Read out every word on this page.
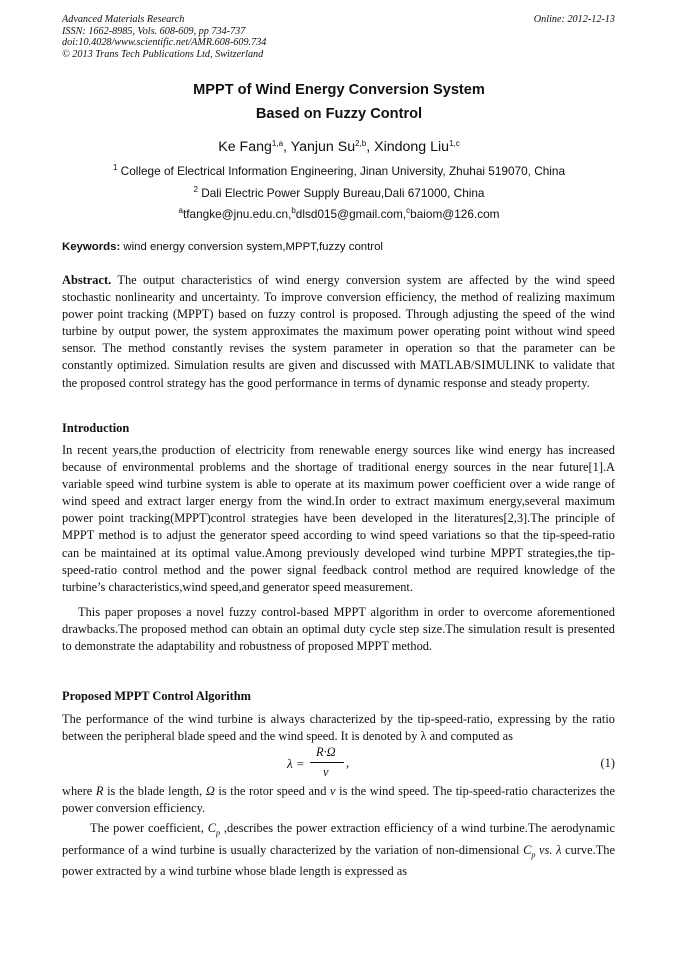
Advanced Materials Research
ISSN: 1662-8985, Vols. 608-609, pp 734-737
doi:10.4028/www.scientific.net/AMR.608-609.734
© 2013 Trans Tech Publications Ltd, Switzerland
Online: 2012-12-13
MPPT of Wind Energy Conversion System
Based on Fuzzy Control
Ke Fang$^{1,a}$, Yanjun Su$^{2,b}$, Xindong Liu$^{1,c}$
$^1$ College of Electrical Information Engineering, Jinan University, Zhuhai 519070, China
$^2$ Dali Electric Power Supply Bureau,Dali 671000, China
$^a$tfangke@jnu.edu.cn,$^b$dlsd015@gmail.com,$^c$baiom@126.com
Keywords: wind energy conversion system,MPPT,fuzzy control
Abstract. The output characteristics of wind energy conversion system are affected by the wind speed stochastic nonlinearity and uncertainty. To improve conversion efficiency, the method of realizing maximum power point tracking (MPPT) based on fuzzy control is proposed. Through adjusting the speed of the wind turbine by output power, the system approximates the maximum power operating point without wind speed sensor. The method constantly revises the system parameter in operation so that the parameter can be constantly optimized. Simulation results are given and discussed with MATLAB/SIMULINK to validate that the proposed control strategy has the good performance in terms of dynamic response and steady property.
Introduction
In recent years,the production of electricity from renewable energy sources like wind energy has increased because of environmental problems and the shortage of traditional energy sources in the near future[1].A variable speed wind turbine system is able to operate at its maximum power coefficient over a wide range of wind speed and extract larger energy from the wind.In order to extract maximum energy,several maximum power point tracking(MPPT)control strategies have been developed in the literatures[2,3].The principle of MPPT method is to adjust the generator speed according to wind speed variations so that the tip-speed-ratio can be maintained at its optimal value.Among previously developed wind turbine MPPT strategies,the tip-speed-ratio control method and the power signal feedback control method are required knowledge of the turbine’s characteristics,wind speed,and generator speed measurement.
This paper proposes a novel fuzzy control-based MPPT algorithm in order to overcome aforementioned drawbacks.The proposed method can obtain an optimal duty cycle step size.The simulation result is presented to demonstrate the adaptability and robustness of proposed MPPT method.
Proposed MPPT Control Algorithm
The performance of the wind turbine is always characterized by the tip-speed-ratio, expressing by the ratio between the peripheral blade speed and the wind speed. It is denoted by λ and computed as
λ =
R·Ω
v
,	(1)
where R is the blade length, Ω is the rotor speed and v is the wind speed. The tip-speed-ratio characterizes the power conversion efficiency.
The power coefficient, $C_p$ ,describes the power extraction efficiency of a wind turbine.The aerodynamic performance of a wind turbine is usually characterized by the variation of non-dimensional $C_p$ vs. λ curve.The power extracted by a wind turbine whose blade length is expressed as
